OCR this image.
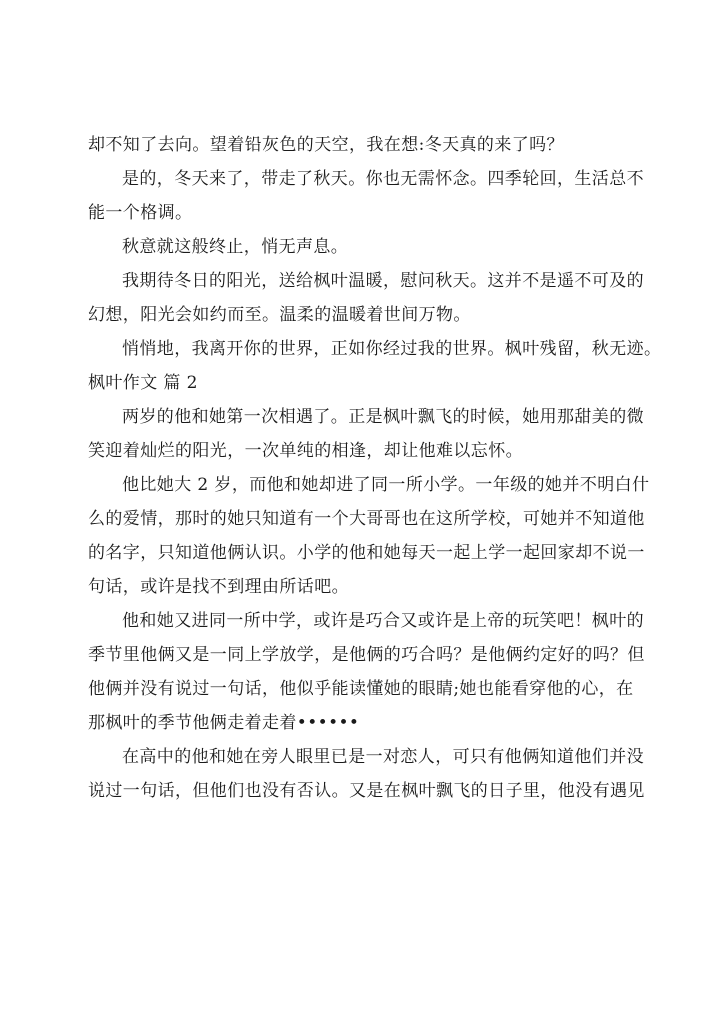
却不知了去向。望着铅灰色的天空，我在想:冬天真的来了吗？

是的，冬天来了，带走了秋天。你也无需怀念。四季轮回，生活总不
能一个格调。

秋意就这般终止，悄无声息。

我期待冬日的阳光，送给枫叶温暖，慰问秋天。这并不是遥不可及的
幻想，阳光会如约而至。温柔的温暖着世间万物。

悄悄地，我离开你的世界，正如你经过我的世界。枫叶残留，秋无迹。

枫叶作文 篇 2

两岁的他和她第一次相遇了。正是枫叶飘飞的时候，她用那甜美的微
笑迎着灿烂的阳光，一次单纯的相逢，却让他难以忘怀。

他比她大 2 岁，而他和她却进了同一所小学。一年级的她并不明白什
么的爱情，那时的她只知道有一个大哥哥也在这所学校，可她并不知道他
的名字，只知道他俩认识。小学的他和她每天一起上学一起回家却不说一
句话，或许是找不到理由所话吧。

他和她又进同一所中学，或许是巧合又或许是上帝的玩笑吧！枫叶的
季节里他俩又是一同上学放学，是他俩的巧合吗？是他俩约定好的吗？但
他俩并没有说过一句话，他似乎能读懂她的眼睛;她也能看穿他的心，在
那枫叶的季节他俩走着走着••••••

在高中的他和她在旁人眼里已是一对恋人，可只有他俩知道他们并没
说过一句话，但他们也没有否认。又是在枫叶飘飞的日子里，他没有遇见
